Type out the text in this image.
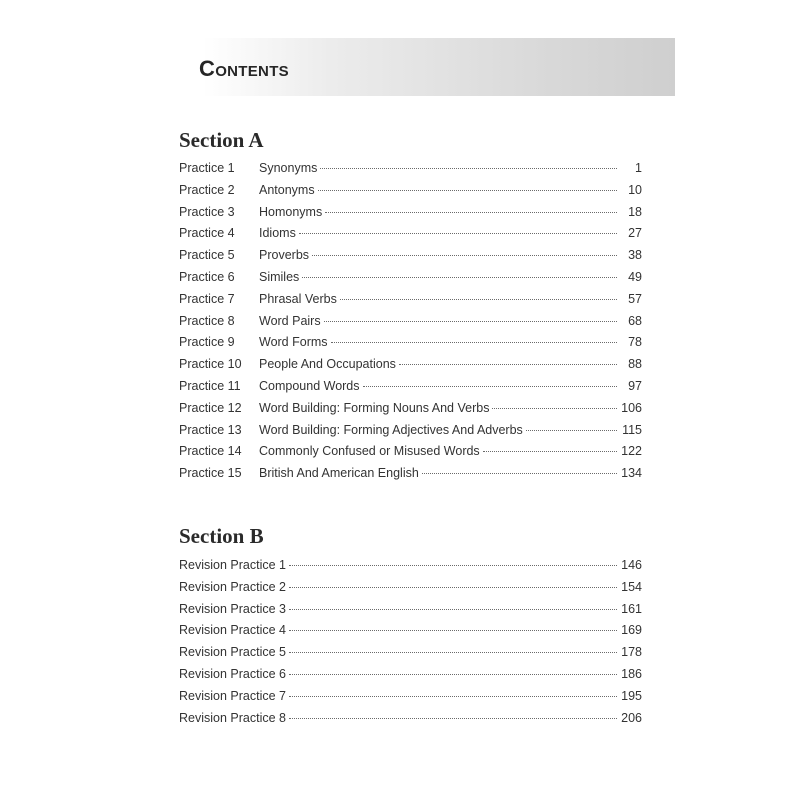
Contents
Section A
Practice 1	Synonyms	1
Practice 2	Antonyms	10
Practice 3	Homonyms	18
Practice 4	Idioms	27
Practice 5	Proverbs	38
Practice 6	Similes	49
Practice 7	Phrasal Verbs	57
Practice 8	Word Pairs	68
Practice 9	Word Forms	78
Practice 10	People And Occupations	88
Practice 11	Compound Words	97
Practice 12	Word Building: Forming Nouns And Verbs	106
Practice 13	Word Building: Forming Adjectives And Adverbs	115
Practice 14	Commonly Confused or Misused Words	122
Practice 15	British And American English	134
Section B
Revision Practice 1	146
Revision Practice 2	154
Revision Practice 3	161
Revision Practice 4	169
Revision Practice 5	178
Revision Practice 6	186
Revision Practice 7	195
Revision Practice 8	206
